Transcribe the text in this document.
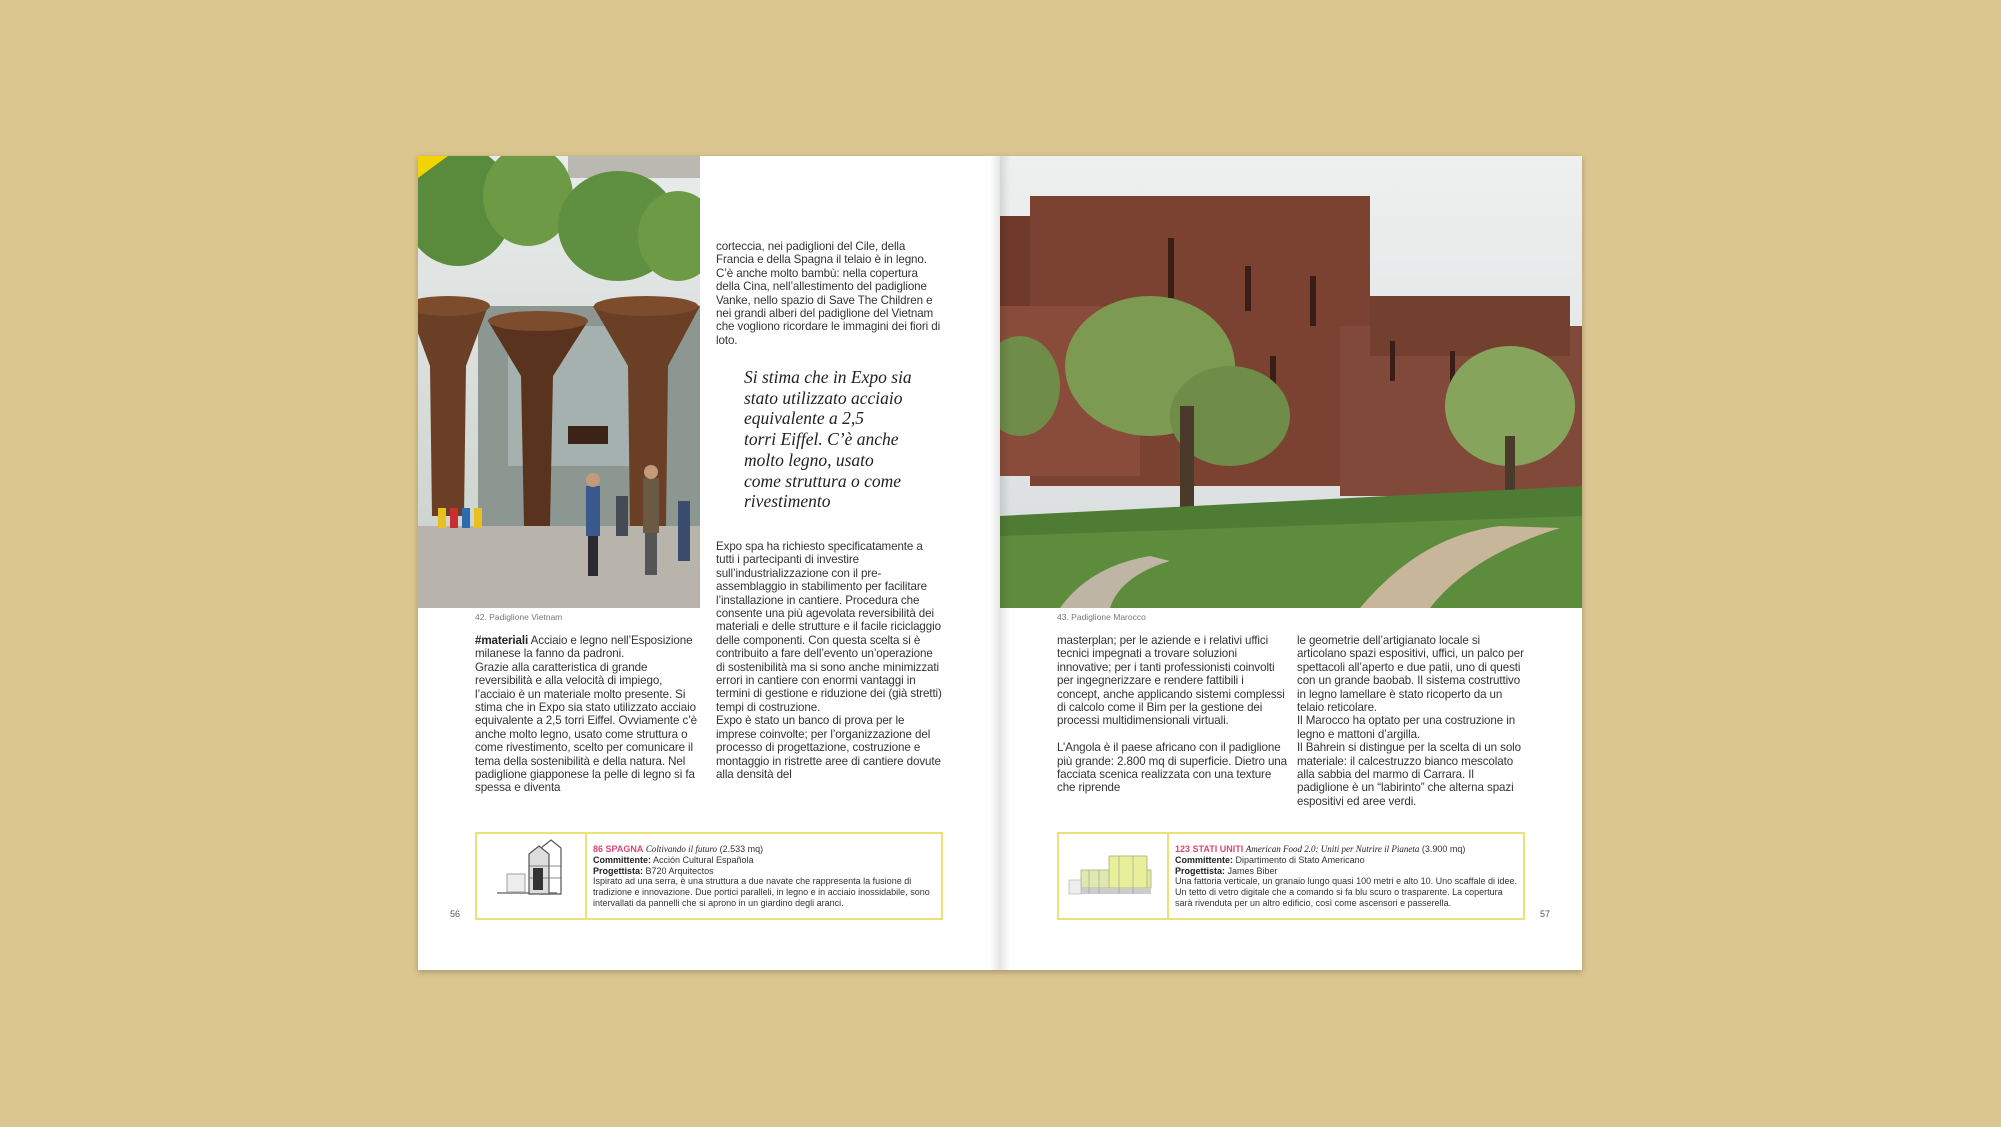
42. Padiglione Vietnam
#materiali Acciaio e legno nell’Esposizione milanese la fanno da padroni.
Grazie alla caratteristica di grande reversibilità e alla velocità di impiego, l’acciaio è un materiale molto presente. Si stima che in Expo sia stato utilizzato acciaio equivalente a 2,5 torri Eiffel. Ovviamente c’è anche molto legno, usato come struttura o come rivestimento, scelto per comunicare il tema della sostenibilità e della natura. Nel padiglione giapponese la pelle di legno si fa spessa e diventa
corteccia, nei padiglioni del Cile, della Francia e della Spagna il telaio è in legno. C’è anche molto bambù: nella copertura della Cina, nell’allestimento del padiglione Vanke, nello spazio di Save The Children e nei grandi alberi del padiglione del Vietnam che vogliono ricordare le immagini dei fiori di loto.
Si stima che in Expo sia
stato utilizzato acciaio
equivalente a 2,5
torri Eiffel. C’è anche
molto legno, usato
come struttura o come
rivestimento
Expo spa ha richiesto specificatamente a tutti i partecipanti di investire sull’industrializzazione con il pre-assemblaggio in stabilimento per facilitare l’installazione in cantiere. Procedura che consente una più agevolata reversibilità dei materiali e delle strutture e il facile riciclaggio delle componenti. Con questa scelta si è contribuito a fare dell’evento un’operazione di sostenibilità ma si sono anche minimizzati errori in cantiere con enormi vantaggi in termini di gestione e riduzione dei (già stretti) tempi di costruzione.
Expo è stato un banco di prova per le imprese coinvolte; per l’organizzazione del processo di progettazione, costruzione e montaggio in ristrette aree di cantiere dovute alla densità del
86 SPAGNA Coltivando il futuro (2.533 mq)
Committente: Acción Cultural Española
Progettista: B720 Arquitectos
Ispirato ad una serra, è una struttura a due navate che rappresenta la fusione di tradizione e innovazione. Due portici paralleli, in legno e in acciaio inossidabile, sono intervallati da pannelli che si aprono in un giardino degli aranci.
56
43. Padiglione Marocco
masterplan; per le aziende e i relativi uffici tecnici impegnati a trovare soluzioni innovative; per i tanti professionisti coinvolti per ingegnerizzare e rendere fattibili i concept, anche applicando sistemi complessi di calcolo come il Bim per la gestione dei processi multidimensionali virtuali.

L’Angola è il paese africano con il padiglione più grande: 2.800 mq di superficie. Dietro una facciata scenica realizzata con una texture che riprende
le geometrie dell’artigianato locale si articolano spazi espositivi, uffici, un palco per spettacoli all’aperto e due patii, uno di questi con un grande baobab. Il sistema costruttivo in legno lamellare è stato ricoperto da un telaio reticolare.
Il Marocco ha optato per una costruzione in legno e mattoni d’argilla.
Il Bahrein si distingue per la scelta di un solo materiale: il calcestruzzo bianco mescolato alla sabbia del marmo di Carrara. Il padiglione è un “labirinto” che alterna spazi espositivi ed aree verdi.
123 STATI UNITI American Food 2.0: Uniti per Nutrire il Pianeta (3.900 mq)
Committente: Dipartimento di Stato Americano
Progettista: James Biber
Una fattoria verticale, un granaio lungo quasi 100 metri e alto 10. Uno scaffale di idee. Un tetto di vetro digitale che a comando si fa blu scuro o trasparente. La copertura sarà rivenduta per un altro edificio, così come ascensori e passerella.
57
